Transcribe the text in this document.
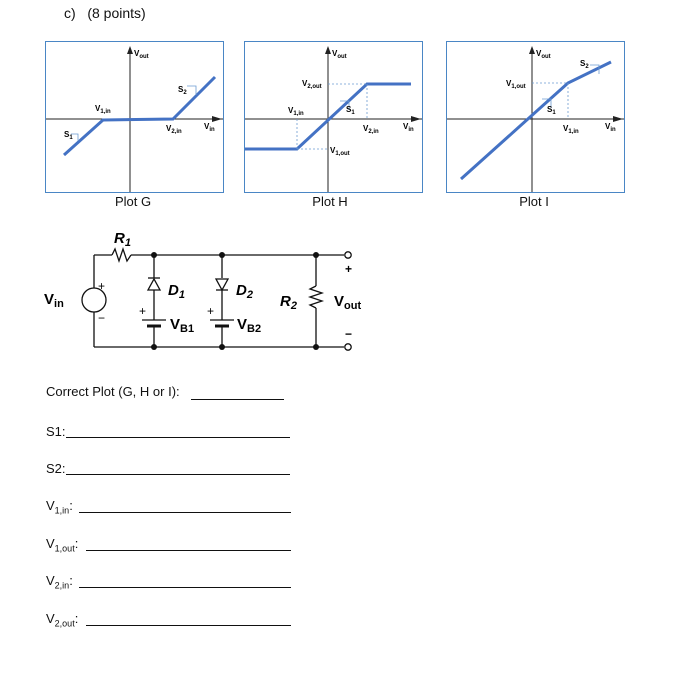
c) (8 points)
$V_{out}$
$V_{in}$
$V_{1,in}$
$V_{2,in}$
$S_1$
$S_2$
Plot G
$V_{out}$
$V_{in}$
$V_{2,out}$
$V_{1,in}$	$S_1$
$V_{2,in}$
$V_{1,out}$
Plot H
$V_{out}$
$V_{in}$
$V_{1,out}$
$S_1$
$S_2$
$V_{1,in}$
Plot I
$R_1$
$D_1$	$D_2$
$V_{B1}$	$V_{B2}$
$R_2$
$V_{in}$	$V_{out}$
+
−	+	+
+
−
Correct Plot (G, H or I):
S1:
S2:
$V_{1,in}$:
$V_{1,out}$:
$V_{2,in}$:
$V_{2,out}$:
